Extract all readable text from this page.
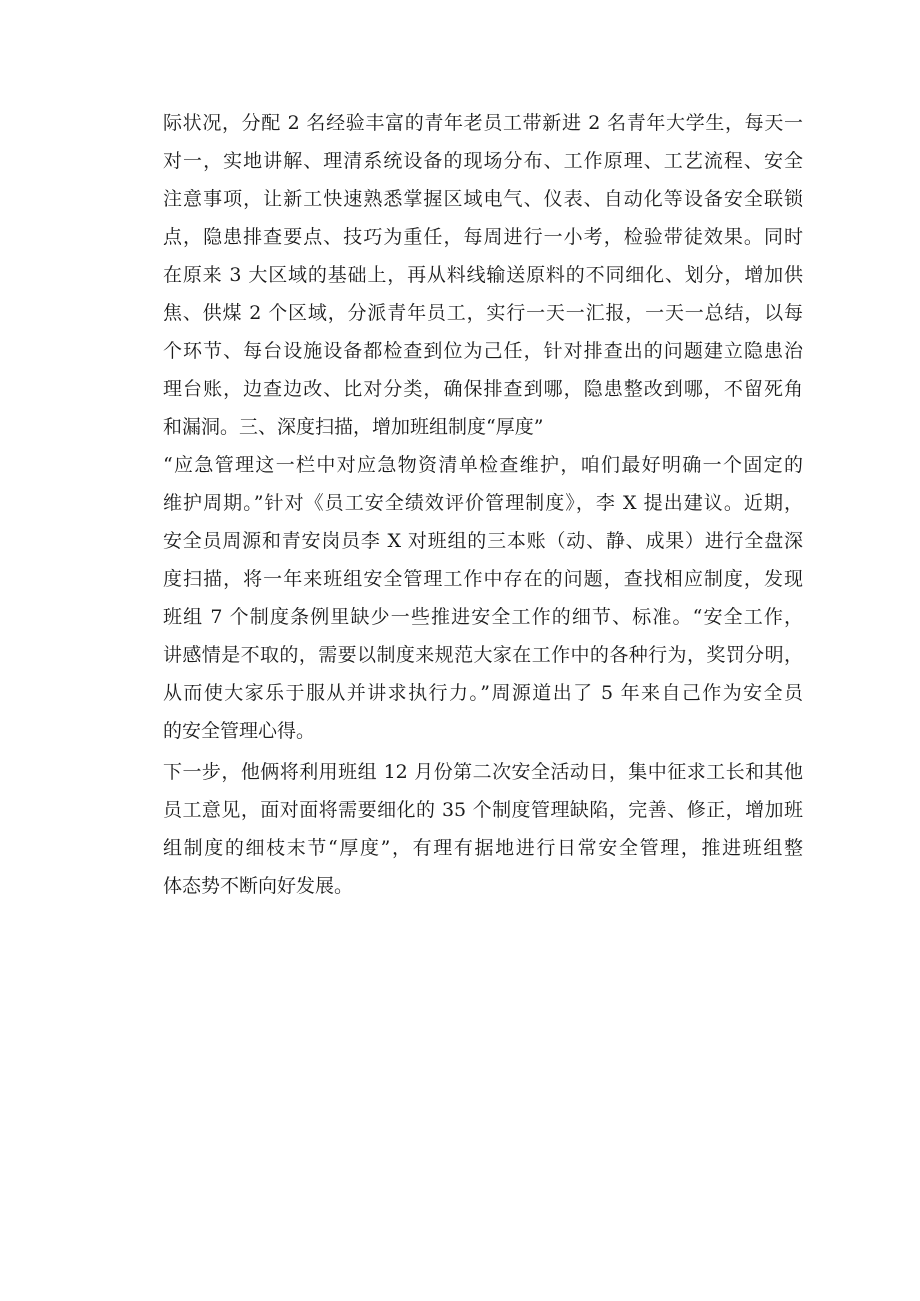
际状况，分配 2 名经验丰富的青年老员工带新进 2 名青年大学生，每天一
对一，实地讲解、理清系统设备的现场分布、工作原理、工艺流程、安全
注意事项，让新工快速熟悉掌握区域电气、仪表、自动化等设备安全联锁
点，隐患排查要点、技巧为重任，每周进行一小考，检验带徒效果。同时
在原来 3 大区域的基础上，再从料线输送原料的不同细化、划分，增加供
焦、供煤 2 个区域，分派青年员工，实行一天一汇报，一天一总结，以每
个环节、每台设施设备都检查到位为己任，针对排查出的问题建立隐患治
理台账，边查边改、比对分类，确保排查到哪，隐患整改到哪，不留死角
和漏洞。三、深度扫描，增加班组制度“厚度”
“应急管理这一栏中对应急物资清单检查维护，咱们最好明确一个固定的
维护周期。”针对《员工安全绩效评价管理制度》，李 X 提出建议。近期，
安全员周源和青安岗员李 X 对班组的三本账（动、静、成果）进行全盘深
度扫描，将一年来班组安全管理工作中存在的问题，查找相应制度，发现
班组 7 个制度条例里缺少一些推进安全工作的细节、标准。“安全工作，
讲感情是不取的，需要以制度来规范大家在工作中的各种行为，奖罚分明，
从而使大家乐于服从并讲求执行力。”周源道出了 5 年来自己作为安全员
的安全管理心得。
下一步，他俩将利用班组 12 月份第二次安全活动日，集中征求工长和其他
员工意见，面对面将需要细化的 35 个制度管理缺陷，完善、修正，增加班
组制度的细枝末节“厚度”，有理有据地进行日常安全管理，推进班组整
体态势不断向好发展。
